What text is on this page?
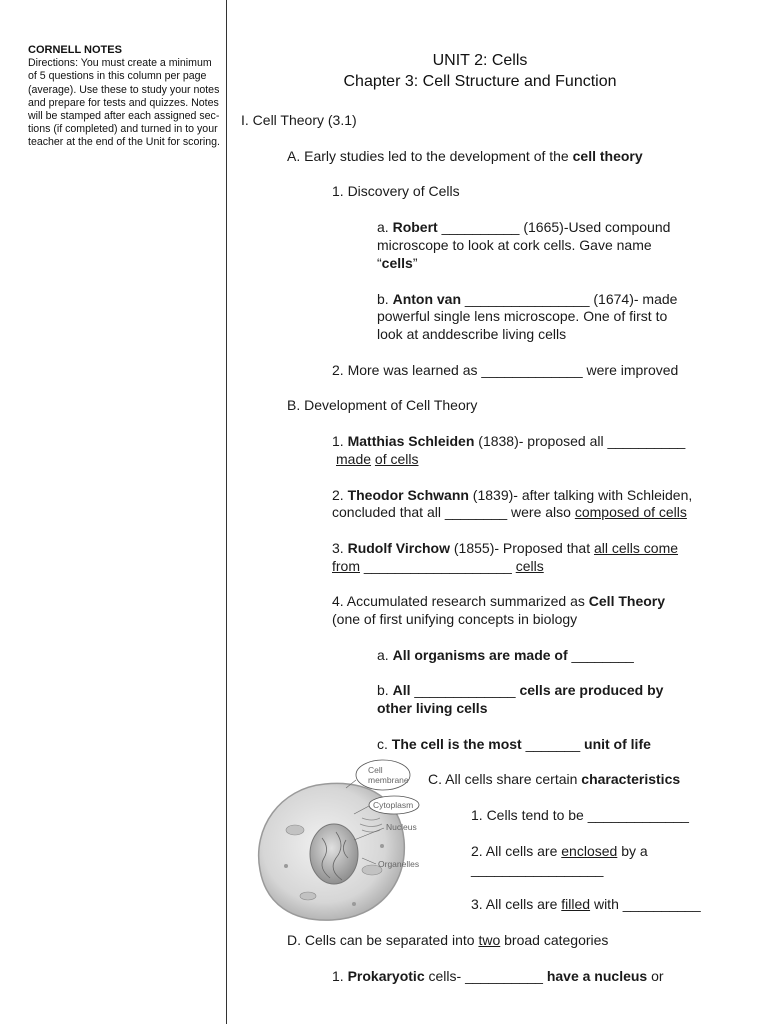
CORNELL NOTES
Directions: You must create a minimum
of 5 questions in this column per page
(average). Use these to study your notes
and prepare for tests and quizzes. Notes
will be stamped after each assigned sec-
tions (if completed) and turned in to your
teacher at the end of the Unit for scoring.
UNIT 2: Cells
Chapter 3: Cell Structure and Function
I. Cell Theory (3.1)
A. Early studies led to the development of the cell theory
1. Discovery of Cells
a. Robert __________ (1665)-Used compound
microscope to look at cork cells. Gave name
“cells”
b. Anton van ________________ (1674)- made
powerful single lens microscope. One of first to
look at anddescribe living cells
2. More was learned as _____________ were improved
B. Development of Cell Theory
1. Matthias Schleiden (1838)- proposed all __________
made of cells
2. Theodor Schwann (1839)- after talking with Schleiden,
concluded that all ________ were also composed of cells
3. Rudolf Virchow (1855)- Proposed that all cells come
from ___________________ cells
4. Accumulated research summarized as Cell Theory
(one of first unifying concepts in biology
a. All organisms are made of ________
b. All _____________ cells are produced by
other living cells
c. The cell is the most _______ unit of life
C. All cells share certain characteristics
1. Cells tend to be _____________
2. All cells are enclosed by a
_________________
3. All cells are filled with __________
D. Cells can be separated into two broad categories
1. Prokaryotic cells- __________ have a nucleus or
Cell
membrane
Cytoplasm
Nucleus
Organelles
